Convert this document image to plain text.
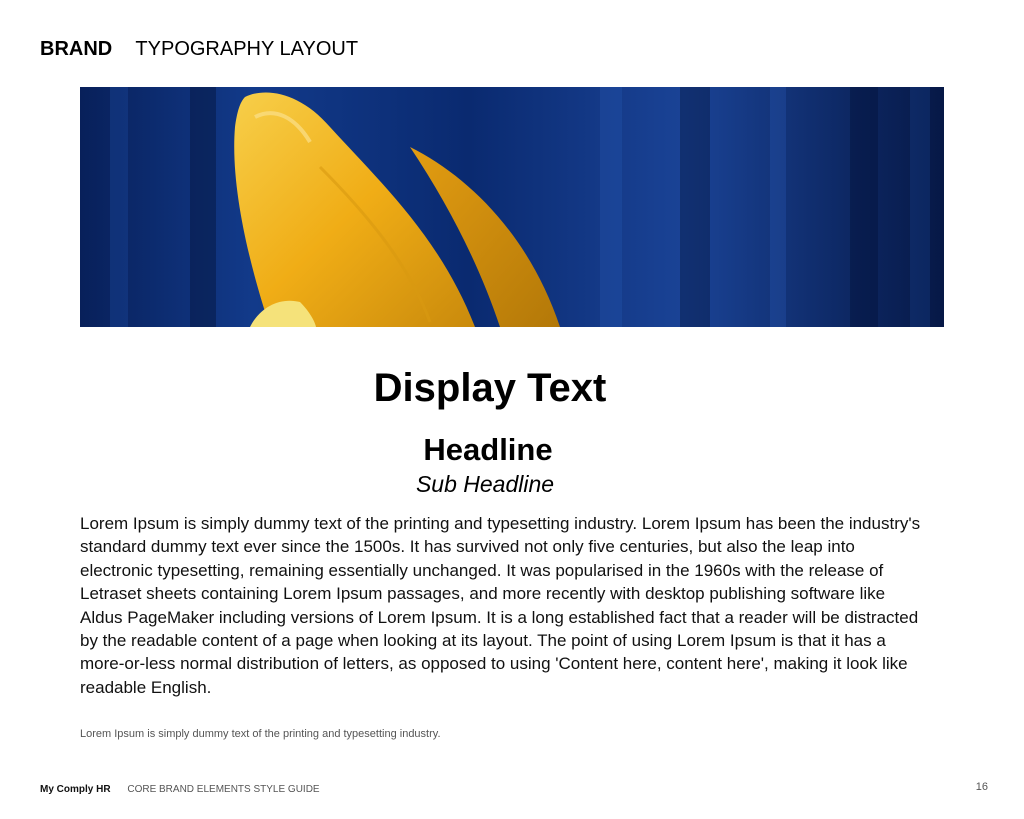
BRAND TYPOGRAPHY LAYOUT
Display Text
Headline
Sub Headline
Lorem Ipsum is simply dummy text of the printing and typesetting industry. Lorem Ipsum has been the industry's standard dummy text ever since the 1500s. It has survived not only five centuries, but also the leap into electronic typesetting, remaining essentially unchanged. It was popularised in the 1960s with the release of Letraset sheets containing Lorem Ipsum passages, and more recently with desktop publishing software like Aldus PageMaker including versions of Lorem Ipsum. It is a long established fact that a reader will be distracted by the readable content of a page when looking at its layout. The point of using Lorem Ipsum is that it has a more-or-less normal distribution of letters, as opposed to using 'Content here, content here', making it look like readable English.
Lorem Ipsum is simply dummy text of the printing and typesetting industry.
My Comply HR CORE BRAND ELEMENTS STYLE GUIDE	16
